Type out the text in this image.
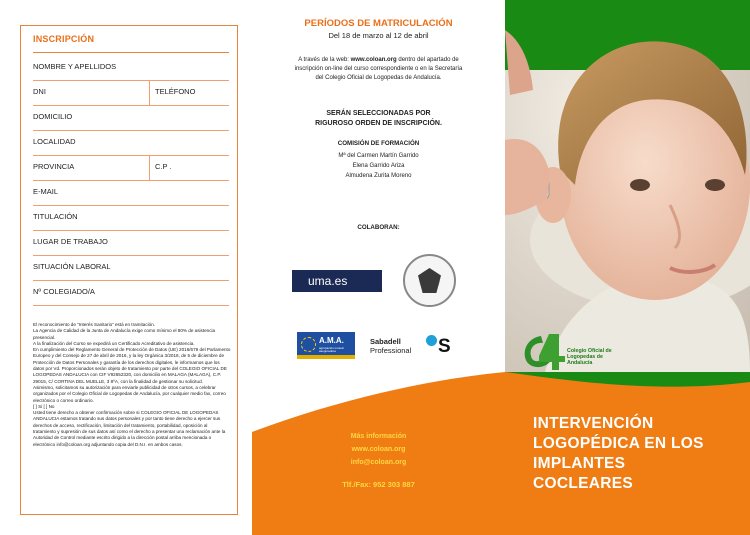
INSCRIPCIÓN
NOMBRE Y APELLIDOS
DNI	TELÉFONO
DOMICILIO
LOCALIDAD
PROVINCIA	C.P .
E-MAIL
TITULACIÓN
LUGAR DE TRABAJO
SITUACIÓN LABORAL
Nº COLEGIADO/A

El reconocimiento de “Interés Sanitario” está en tramitación.

La Agencia de Calidad de la Junta de Andalucía exige como mínimo el 80% de asistencia presencial.

A la finalización del Curso se expedirá un Certificado Acreditativo de asistencia.

En cumplimiento del Reglamento General de Protección de Datos (UE) 2016/679 del Parlamento Europeo y del Consejo de 27 de abril de 2016, y la ley Orgánica 3/2018, de 5 de diciembre de Protección de Datos Personales y garantía de los derechos digitales, le informamos que los datos por Vd. Proporcionados serán objeto de tratamiento por parte del COLEGIO OFICIAL DE LOGOPEDAS ANDALUCIA con CIF V92652320, con domicilio en MALAGA (MALAGA), C.P. 29015, C/ CORTINA DEL MUELLE, 3 8ºA, con la finalidad de gestionar su solicitud.

Asimismo, solicitamos su autorización para enviarle publicidad de otros cursos, a celebrar organizados por el Colegio Oficial de Logopedas de Andalucía, por cualquier medio fax, correo electrónico o correo ordinario.

[ ] Si [ ] No

Usted tiene derecho a obtener confirmación sobre si COLEGIO OFICIAL DE LOGOPEDAS ANDALUCIA estamos tratando sus datos personales y por tanto tiene derecho a ejercer sus derechos de acceso, rectificación, limitación del tratamiento, portabilidad, oposición al tratamiento y supresión de sus datos así como el derecho a presentar una reclamación ante la Autoridad de Control mediante escrito dirigido a la dirección postal arriba mencionada o electrónico info@coloan.org adjuntando copia del D.N.I. en ambos casos.

PERÍODOS DE MATRICULACIÓN
Del 18 de marzo al 12 de abril
A través de la web: www.coloan.org dentro del apartado de inscripción on-line del curso correspondiente o en la Secretaría del Colegio Oficial de Logopedas de Andalucía.
SERÁN SELECCIONADAS POR
RIGUROSO ORDEN DE INSCRIPCIÓN.
COMISIÓN DE FORMACIÓN
Mª del Carmen Martín Garrido
Elena Garrido Ariza
Almudena Zurita Moreno
COLABORAN:
uma.es
A.M.A.
agrupación mutual
aseguradora
Sabadell
Professional S
Más información
www.coloan.org
info@coloan.org
Tlf./Fax: 952 303 887
Colegio Oficial de
Logopedas de
Andalucía
INTERVENCIÓN
LOGOPÉDICA EN LOS
IMPLANTES
COCLEARES
